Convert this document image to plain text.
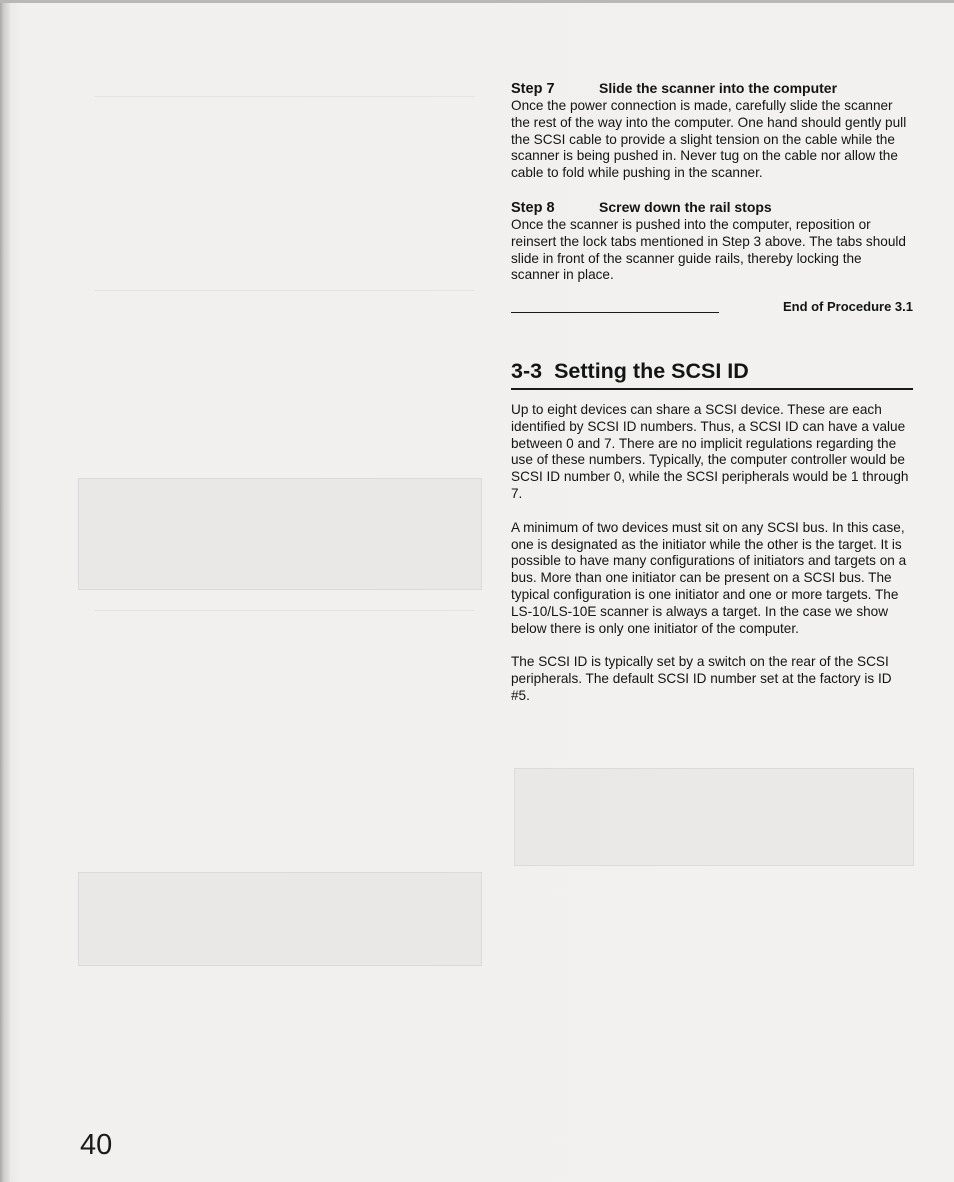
Step 7	Slide the scanner into the computer

Once the power connection is made, carefully slide the scanner the rest of the way into the computer. One hand should gently pull the SCSI cable to provide a slight tension on the cable while the scanner is being pushed in. Never tug on the cable nor allow the cable to fold while pushing in the scanner.

Step 8	Screw down the rail stops

Once the scanner is pushed into the computer, reposition or reinsert the lock tabs mentioned in Step 3 above. The tabs should slide in front of the scanner guide rails, thereby locking the scanner in place.

End of Procedure 3.1
3-3 Setting the SCSI ID

Up to eight devices can share a SCSI device. These are each identified by SCSI ID numbers. Thus, a SCSI ID can have a value between 0 and 7. There are no implicit regulations regarding the use of these numbers. Typically, the computer controller would be SCSI ID number 0, while the SCSI peripherals would be 1 through 7.

A minimum of two devices must sit on any SCSI bus. In this case, one is designated as the initiator while the other is the target. It is possible to have many configurations of initiators and targets on a bus. More than one initiator can be present on a SCSI bus. The typical configuration is one initiator and one or more targets. The LS-10/LS-10E scanner is always a target. In the case we show below there is only one initiator of the computer.

The SCSI ID is typically set by a switch on the rear of the SCSI peripherals. The default SCSI ID number set at the factory is ID #5.

40
